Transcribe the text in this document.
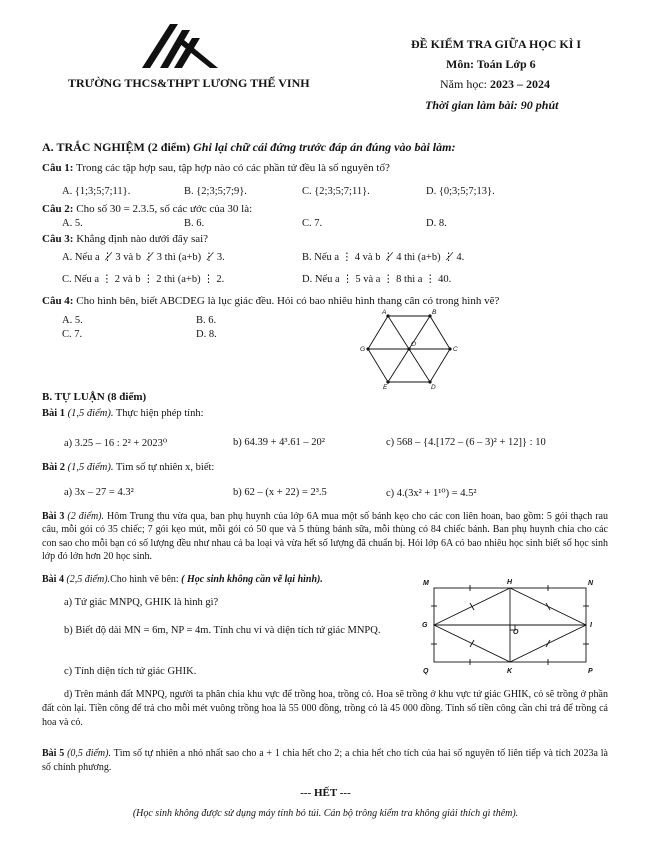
TRƯỜNG THCS&THPT LƯƠNG THẾ VINH
ĐỀ KIỂM TRA GIỮA HỌC KÌ I
Môn: Toán Lớp 6
Năm học: 2023 – 2024
Thời gian làm bài: 90 phút
A. TRẮC NGHIỆM (2 điểm) Ghi lại chữ cái đứng trước đáp án đúng vào bài làm:
Câu 1: Trong các tập hợp sau, tập hợp nào có các phần tử đều là số nguyên tố?
A. {1;3;5;7;11}.	B. {2;3;5;7;9}.	C. {2;3;5;7;11}.	D. {0;3;5;7;13}.
Câu 2: Cho số 30 = 2.3.5, số các ước của 30 là:
A. 5.	B. 6.	C. 7.	D. 8.
Câu 3: Khẳng định nào dưới đây sai?
A. Nếu a ⋮̸ 3 và b ⋮̸ 3 thì (a+b) ⋮̸ 3.	B. Nếu a ⋮ 4 và b ⋮̸ 4 thì (a+b) ⋮̸ 4.
C. Nếu a ⋮ 2 và b ⋮ 2 thì (a+b) ⋮ 2.	D. Nếu a ⋮ 5 và a ⋮ 8 thì a ⋮ 40.
Câu 4: Cho hình bên, biết ABCDEG là lục giác đều. Hỏi có bao nhiêu hình thang cân có trong hình vẽ?
A. 5.	B. 6.
C. 7.	D. 8.
A	B
C
D
E
G
O
B. TỰ LUẬN (8 điểm)
Bài 1 (1,5 điểm). Thực hiện phép tính:
a) 3.25 – 16 : 2² + 2023⁰	b) 64.39 + 4³.61 – 20²	c) 568 – {4.[172 – (6 – 3)² + 12]} : 10
Bài 2 (1,5 điểm). Tìm số tự nhiên x, biết:
a) 3x – 27 = 4.3²	b) 62 – (x + 22) = 2³.5	c) 4.(3x² + 1¹⁰) = 4.5²
Bài 3 (2 điểm). Hôm Trung thu vừa qua, ban phụ huynh của lớp 6A mua một số bánh kẹo cho các con liên hoan, bao gồm: 5 gói thạch rau câu, mỗi gói có 35 chiếc; 7 gói kẹo mút, mỗi gói có 50 que và 5 thùng bánh sữa, mỗi thùng có 84 chiếc bánh. Ban phụ huynh chia cho các con sao cho mỗi bạn có số lượng đều như nhau cả ba loại và vừa hết số lượng đã chuẩn bị. Hỏi lớp 6A có bao nhiêu học sinh biết số học sinh lớp đó lớn hơn 20 học sinh.
Bài 4 (2,5 điểm).Cho hình vẽ bên: ( Học sinh không cần vẽ lại hình).
a) Tứ giác MNPQ, GHIK là hình gì?
b) Biết độ dài MN = 6m, NP = 4m. Tính chu vi và diện tích tứ giác MNPQ.
c) Tính diện tích tứ giác GHIK.
d) Trên mảnh đất MNPQ, người ta phân chia khu vực để trồng hoa, trồng cỏ. Hoa sẽ trồng ở khu vực tứ giác GHIK, cỏ sẽ trồng ở phần đất còn lại. Tiền công để trả cho mỗi mét vuông trồng hoa là 55 000 đồng, trồng cỏ là 45 000 đồng. Tính số tiền công cần chi trả để trồng cả hoa và cỏ.
M	H	N
G
O
I
Q	K	P
Bài 5 (0,5 điểm). Tìm số tự nhiên a nhỏ nhất sao cho a + 1 chia hết cho 2; a chia hết cho tích của hai số nguyên tố liên tiếp và tích 2023a là số chính phương.
--- HẾT ---
(Học sinh không được sử dụng máy tính bỏ túi. Cán bộ trông kiểm tra không giải thích gì thêm).
